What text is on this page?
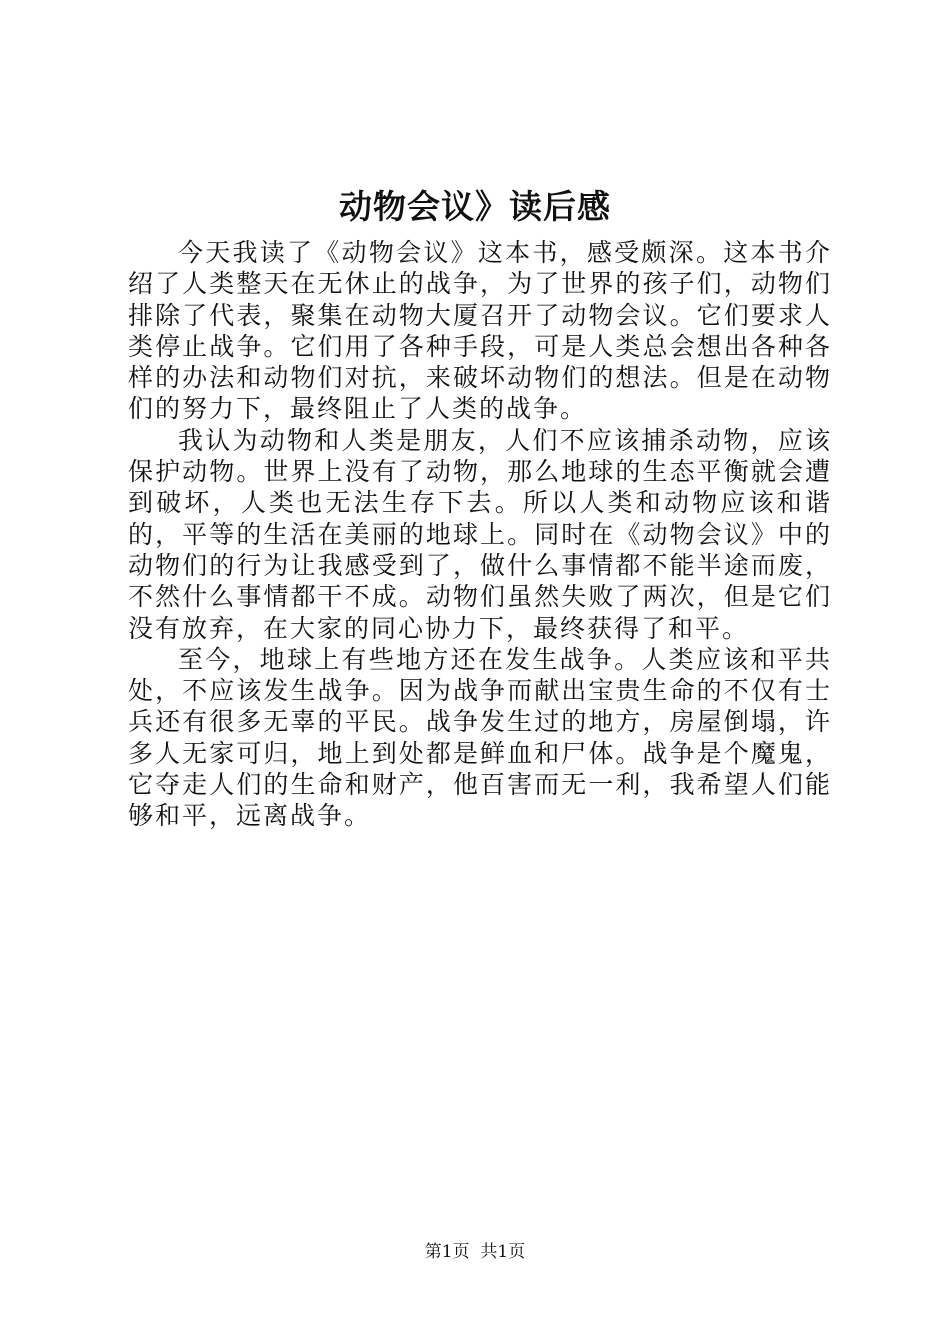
动物会议》读后感

今天我读了《动物会议》这本书，感受颇深。这本书介绍了人类整天在无休止的战争，为了世界的孩子们，动物们排除了代表，聚集在动物大厦召开了动物会议。它们要求人类停止战争。它们用了各种手段，可是人类总会想出各种各样的办法和动物们对抗，来破坏动物们的想法。但是在动物们的努力下，最终阻止了人类的战争。

我认为动物和人类是朋友，人们不应该捕杀动物，应该保护动物。世界上没有了动物，那么地球的生态平衡就会遭到破坏，人类也无法生存下去。所以人类和动物应该和谐的，平等的生活在美丽的地球上。同时在《动物会议》中的动物们的行为让我感受到了，做什么事情都不能半途而废，不然什么事情都干不成。动物们虽然失败了两次，但是它们没有放弃，在大家的同心协力下，最终获得了和平。

至今，地球上有些地方还在发生战争。人类应该和平共处，不应该发生战争。因为战争而献出宝贵生命的不仅有士兵还有很多无辜的平民。战争发生过的地方，房屋倒塌，许多人无家可归，地上到处都是鲜血和尸体。战争是个魔鬼，它夺走人们的生命和财产，他百害而无一利，我希望人们能够和平，远离战争。

第1页  共1页
